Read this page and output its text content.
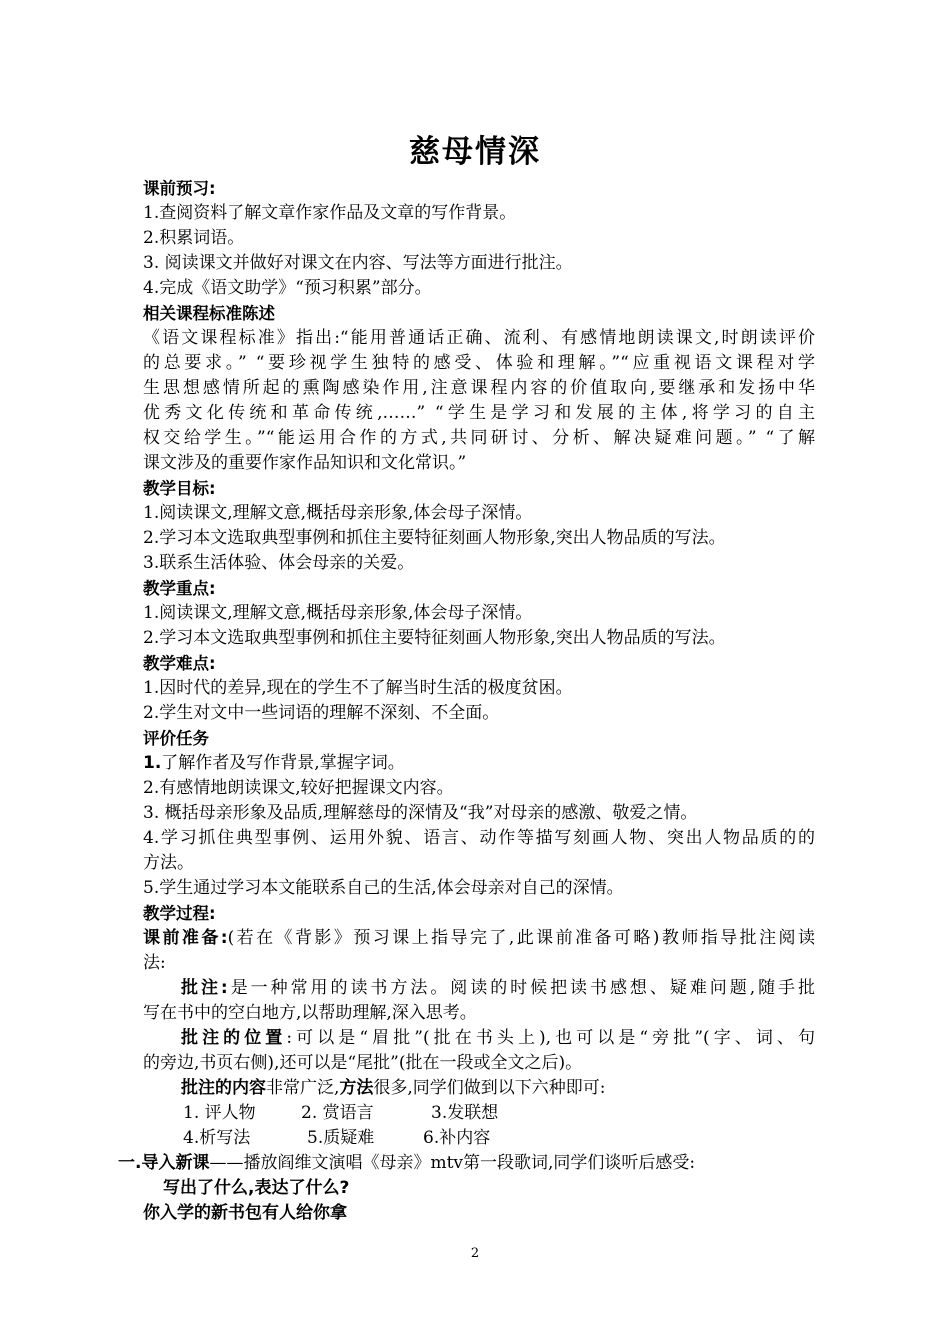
慈母情深
课前预习:
1.查阅资料了解文章作家作品及文章的写作背景。
2.积累词语。
3. 阅读课文并做好对课文在内容、写法等方面进行批注。
4.完成《语文助学》“预习积累”部分。
相关课程标准陈述
《语文课程标准》指出:“能用普通话正确、流利、有感情地朗读课文,时朗读评价
的总要求。” “要珍视学生独特的感受、体验和理解。”“应重视语文课程对学
生思想感情所起的熏陶感染作用,注意课程内容的价值取向,要继承和发扬中华
优秀文化传统和革命传统,……” “学生是学习和发展的主体,将学习的自主
权交给学生。”“能运用合作的方式,共同研讨、分析、解决疑难问题。” “了解
课文涉及的重要作家作品知识和文化常识。”
教学目标:
1.阅读课文,理解文意,概括母亲形象,体会母子深情。
2.学习本文选取典型事例和抓住主要特征刻画人物形象,突出人物品质的写法。
3.联系生活体验、体会母亲的关爱。
教学重点:
1.阅读课文,理解文意,概括母亲形象,体会母子深情。
2.学习本文选取典型事例和抓住主要特征刻画人物形象,突出人物品质的写法。
教学难点:
1.因时代的差异,现在的学生不了解当时生活的极度贫困。
2.学生对文中一些词语的理解不深刻、不全面。
评价任务
1.了解作者及写作背景,掌握字词。
2.有感情地朗读课文,较好把握课文内容。
3. 概括母亲形象及品质,理解慈母的深情及“我”对母亲的感激、敬爱之情。
4.学习抓住典型事例、运用外貌、语言、动作等描写刻画人物、突出人物品质的的
方法。
5.学生通过学习本文能联系自己的生活,体会母亲对自己的深情。
教学过程:
课前准备:(若在《背影》预习课上指导完了,此课前准备可略)教师指导批注阅读
法:
批注:是一种常用的读书方法。阅读的时候把读书感想、疑难问题,随手批
写在书中的空白地方,以帮助理解,深入思考。
批注的位置:可以是“眉批”(批在书头上),也可以是“旁批”(字、词、句
的旁边,书页右侧),还可以是“尾批”(批在一段或全文之后)。
批注的内容非常广泛,方法很多,同学们做到以下六种即可:
1. 评人物	2. 赏语言	3.发联想
4.析写法	5.质疑难	6.补内容
一.导入新课——播放阎维文演唱《母亲》mtv第一段歌词,同学们谈听后感受:
写出了什么,表达了什么?
你入学的新书包有人给你拿
2
